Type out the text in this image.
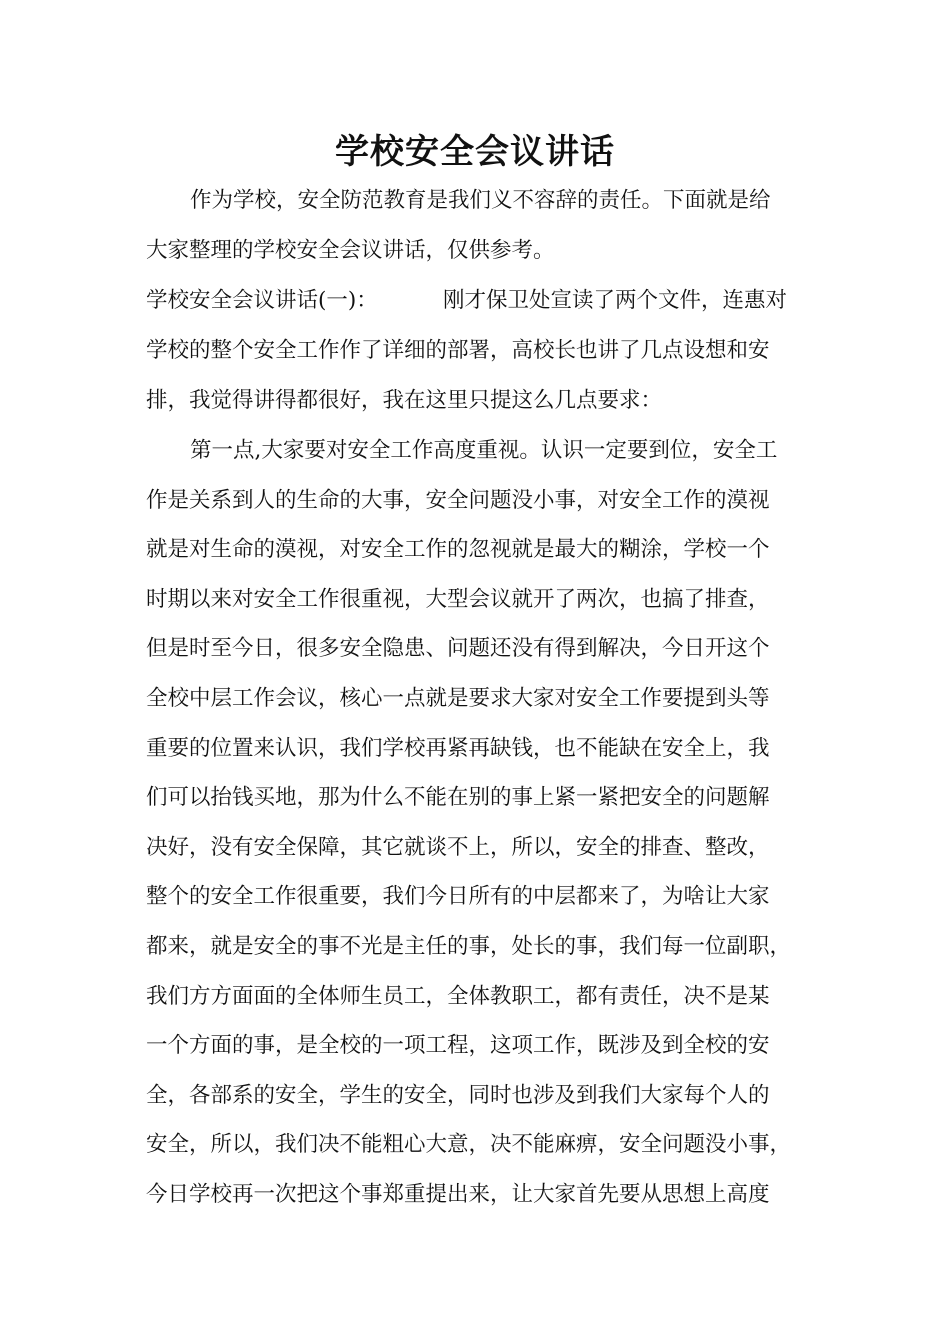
学校安全会议讲话
作为学校，安全防范教育是我们义不容辞的责任。下面就是给
大家整理的学校安全会议讲话，仅供参考。
学校安全会议讲话(一)：	刚才保卫处宣读了两个文件，连惠对
学校的整个安全工作作了详细的部署，高校长也讲了几点设想和安
排，我觉得讲得都很好，我在这里只提这么几点要求：
第一点,大家要对安全工作高度重视。认识一定要到位，安全工
作是关系到人的生命的大事，安全问题没小事，对安全工作的漠视
就是对生命的漠视，对安全工作的忽视就是最大的糊涂，学校一个
时期以来对安全工作很重视，大型会议就开了两次，也搞了排查，
但是时至今日，很多安全隐患、问题还没有得到解决，今日开这个
全校中层工作会议，核心一点就是要求大家对安全工作要提到头等
重要的位置来认识，我们学校再紧再缺钱，也不能缺在安全上，我
们可以抬钱买地，那为什么不能在别的事上紧一紧把安全的问题解
决好，没有安全保障，其它就谈不上，所以，安全的排查、整改，
整个的安全工作很重要，我们今日所有的中层都来了，为啥让大家
都来，就是安全的事不光是主任的事，处长的事，我们每一位副职，
我们方方面面的全体师生员工，全体教职工，都有责任，决不是某
一个方面的事，是全校的一项工程，这项工作，既涉及到全校的安
全，各部系的安全，学生的安全，同时也涉及到我们大家每个人的
安全，所以，我们决不能粗心大意，决不能麻痹，安全问题没小事，
今日学校再一次把这个事郑重提出来，让大家首先要从思想上高度
